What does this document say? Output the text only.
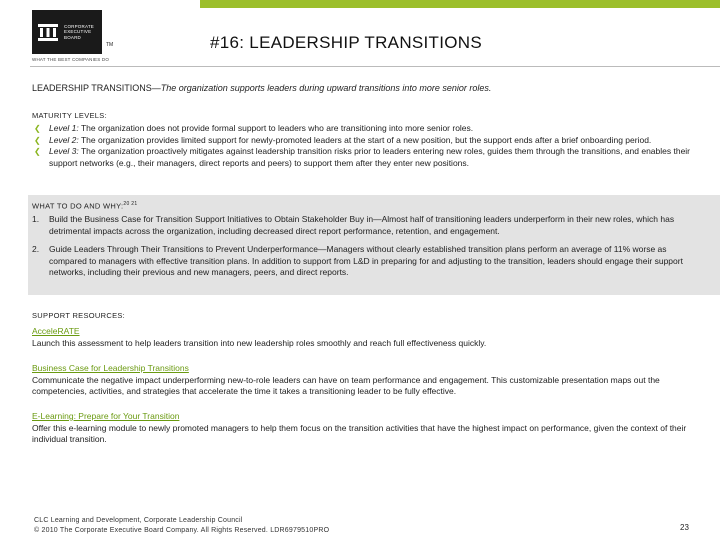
CORPORATE
EXECUTIVE
BOARD
TM
WHAT THE BEST COMPANIES DO
#16: LEADERSHIP TRANSITIONS
LEADERSHIP TRANSITIONS—The organization supports leaders during upward transitions into more senior roles.
MATURITY LEVELS:
❮ Level 1: The organization does not provide formal support to leaders who are transitioning into more senior roles.
❮ Level 2: The organization provides limited support for newly-promoted leaders at the start of a new position, but the support ends after a brief onboarding period.
❮ Level 3: The organization proactively mitigates against leadership transition risks prior to leaders entering new roles, guides them through the transitions, and enables their support networks (e.g., their managers, direct reports and peers) to support them after they enter new positions.
WHAT TO DO AND WHY:$^{20 21}$
1. Build the Business Case for Transition Support Initiatives to Obtain Stakeholder Buy in—Almost half of transitioning leaders underperform in their new roles, which has detrimental impacts across the organization, including decreased direct report performance, retention, and engagement.
2. Guide Leaders Through Their Transitions to Prevent Underperformance—Managers without clearly established transition plans perform an average of 11% worse as compared to managers with effective transition plans. In addition to support from L&D in preparing for and adjusting to the transition, leaders should engage their support networks, including their previous and new managers, peers, and direct reports.
SUPPORT RESOURCES:
AcceleRATE
Launch this assessment to help leaders transition into new leadership roles smoothly and reach full effectiveness quickly.
Business Case for Leadership Transitions
Communicate the negative impact underperforming new-to-role leaders can have on team performance and engagement. This customizable presentation maps out the competencies, activities, and strategies that accelerate the time it takes a transitioning leader to be fully effective.
E-Learning: Prepare for Your Transition
Offer this e-learning module to newly promoted managers to help them focus on the transition activities that have the highest impact on performance, given the context of their individual transition.
CLC Learning and Development, Corporate Leadership Council
© 2010 The Corporate Executive Board Company. All Rights Reserved. LDR6979510PRO	23
